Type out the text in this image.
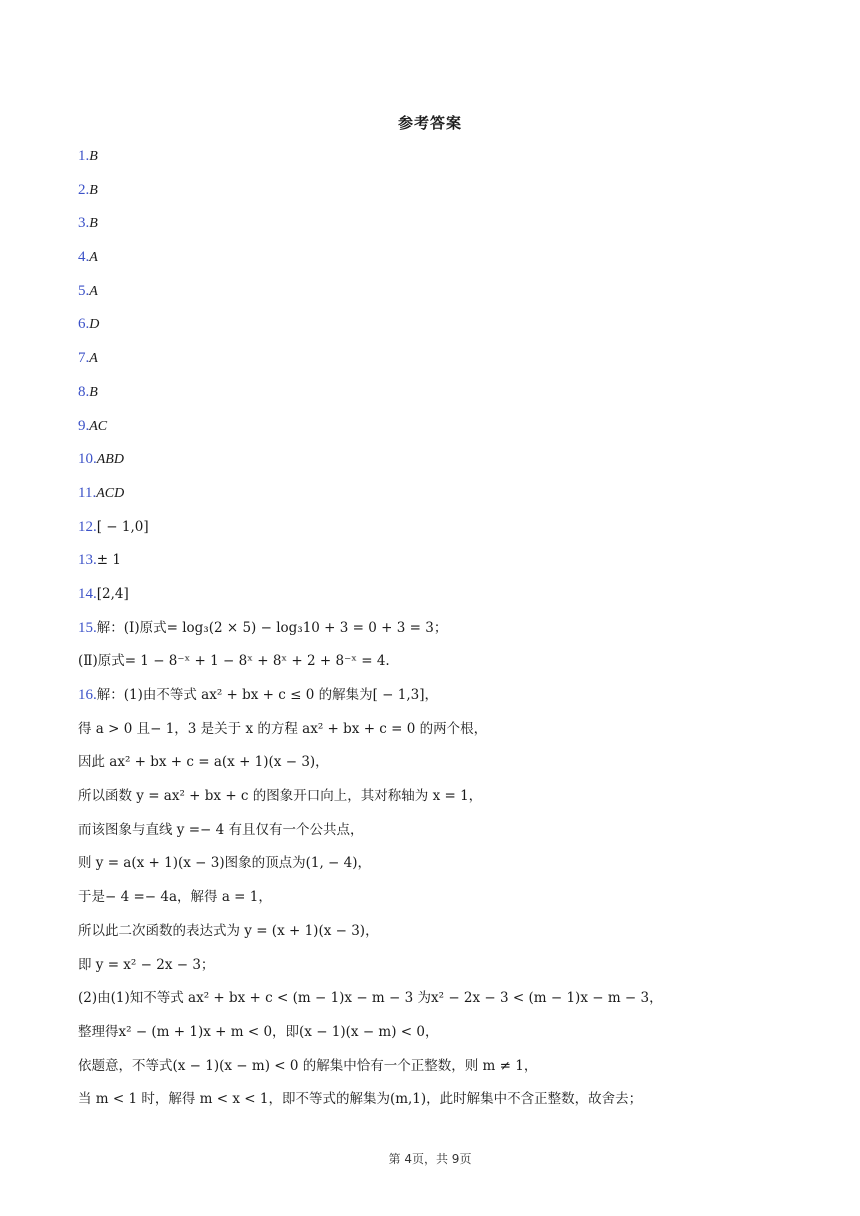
参考答案
1.B
2.B
3.B
4.A
5.A
6.D
7.A
8.B
9.AC
10.ABD
11.ACD
12.[ − 1,0]
13.± 1
14.[2,4]
15.解：(Ⅰ)原式= log₃(2 × 5) − log₃10 + 3 = 0 + 3 = 3；
(Ⅱ)原式= 1 − 8⁻ˣ + 1 − 8ˣ + 8ˣ + 2 + 8⁻ˣ = 4.
16.解：(1)由不等式 ax² + bx + c ≤ 0 的解集为[ − 1,3]，
得 a > 0 且− 1，3 是关于 x 的方程 ax² + bx + c = 0 的两个根，
因此 ax² + bx + c = a(x + 1)(x − 3)，
所以函数 y = ax² + bx + c 的图象开口向上，其对称轴为 x = 1，
而该图象与直线 y =− 4 有且仅有一个公共点，
则 y = a(x + 1)(x − 3)图象的顶点为(1, − 4)，
于是− 4 =− 4a，解得 a = 1，
所以此二次函数的表达式为 y = (x + 1)(x − 3)，
即 y = x² − 2x − 3；
(2)由(1)知不等式 ax² + bx + c < (m − 1)x − m − 3 为x² − 2x − 3 < (m − 1)x − m − 3，
整理得x² − (m + 1)x + m < 0，即(x − 1)(x − m) < 0，
依题意，不等式(x − 1)(x − m) < 0 的解集中恰有一个正整数，则 m ≠ 1，
当 m < 1 时，解得 m < x < 1，即不等式的解集为(m,1)，此时解集中不含正整数，故舍去；
第 4页，共 9页
